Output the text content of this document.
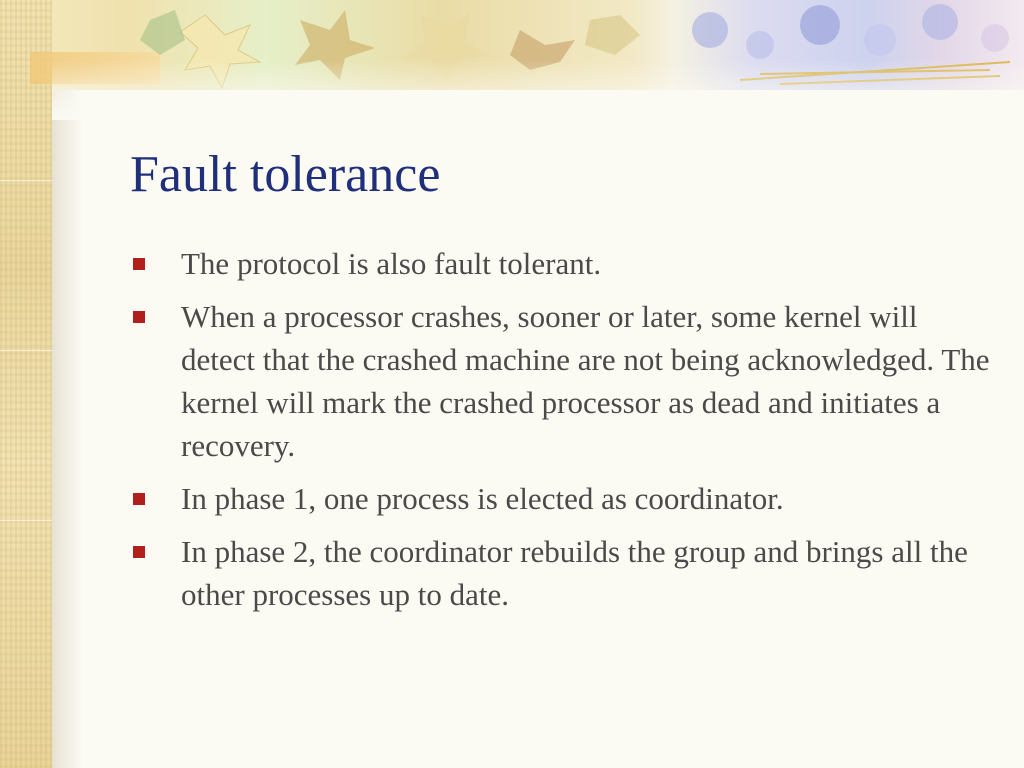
Fault tolerance
The protocol is also fault tolerant.
When a processor crashes, sooner or later, some kernel will detect that the crashed machine are not being acknowledged. The kernel will mark the crashed processor as dead and initiates a recovery.
In phase 1, one process is elected as coordinator.
In phase 2, the coordinator rebuilds the group and brings all the other processes up to date.
